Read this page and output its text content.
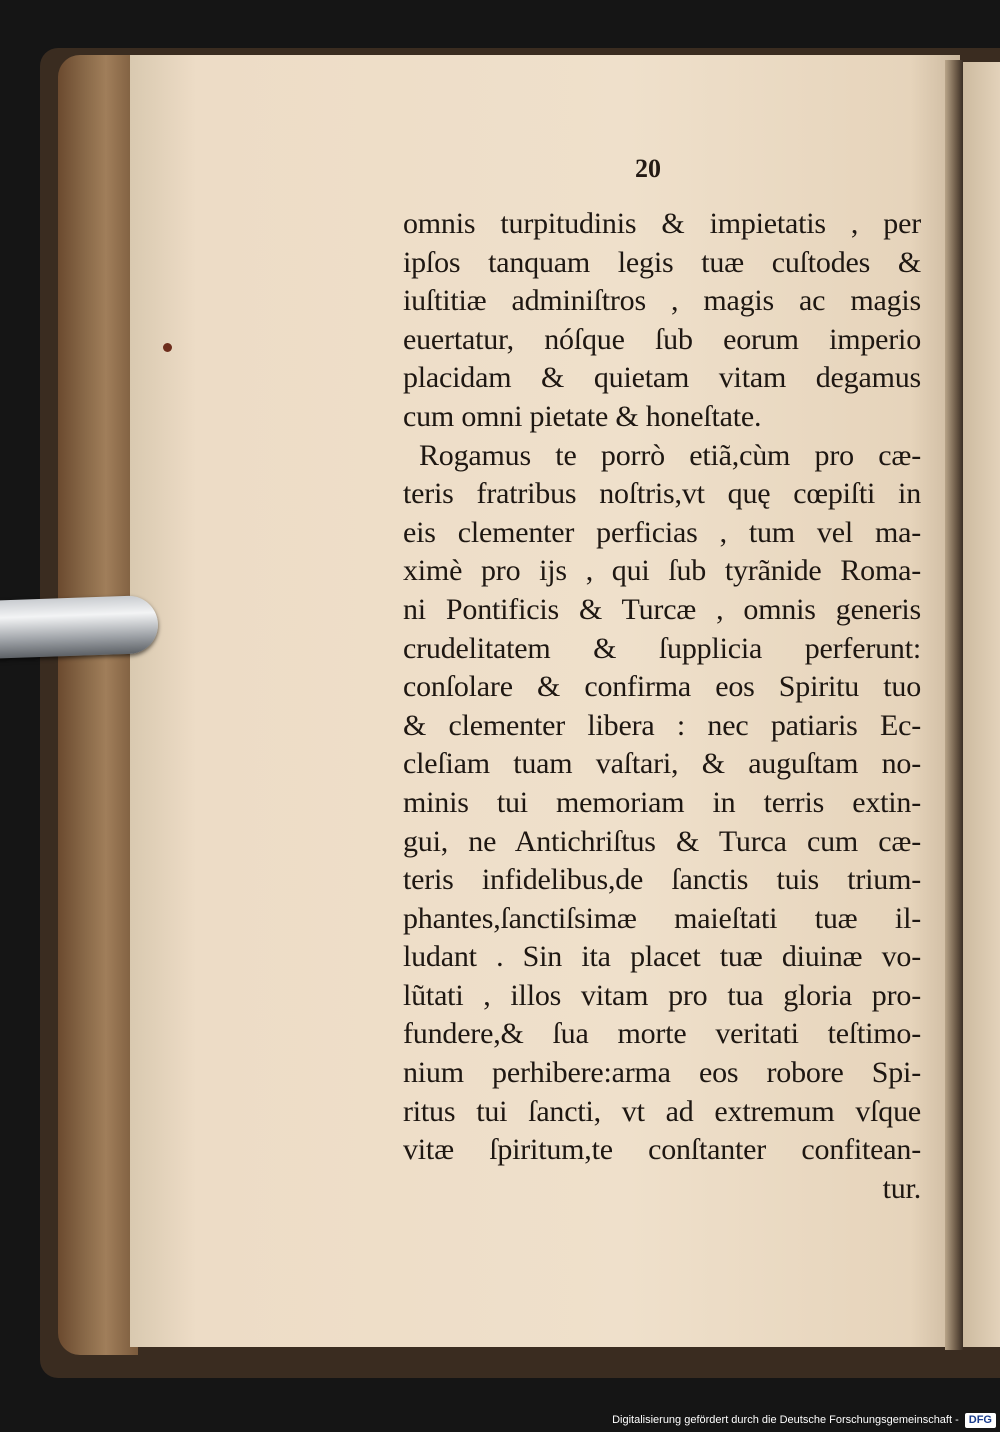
20
omnis turpitudinis & impietatis , per
ipſos tanquam legis tuæ cuſtodes &
iuſtitiæ adminiſtros , magis ac magis
euertatur, nóſque ſub eorum imperio
placidam & quietam vitam degamus
cum omni pietate & honeſtate.
Rogamus te porrò etiã,cùm pro cæ-
teris fratribus noſtris,vt quę cœpiſti in
eis clementer perficias , tum vel ma-
ximè pro ijs , qui ſub tyrãnide Roma-
ni Pontificis & Turcæ , omnis generis
crudelitatem & ſupplicia perferunt:
conſolare & confirma eos Spiritu tuo
& clementer libera : nec patiaris Ec-
cleſiam tuam vaſtari, & auguſtam no-
minis tui memoriam in terris extin-
gui, ne Antichriſtus & Turca cum cæ-
teris infidelibus,de ſanctis tuis trium-
phantes,ſanctiſsimæ maieſtati tuæ il-
ludant . Sin ita placet tuæ diuinæ vo-
lũtati , illos vitam pro tua gloria pro-
fundere,& ſua morte veritati teſtimo-
nium perhibere:arma eos robore Spi-
ritus tui ſancti, vt ad extremum vſque
vitæ ſpiritum,te conſtanter confitean-
tur.
Digitalisierung gefördert durch die Deutsche Forschungsgemeinschaft - DFG
